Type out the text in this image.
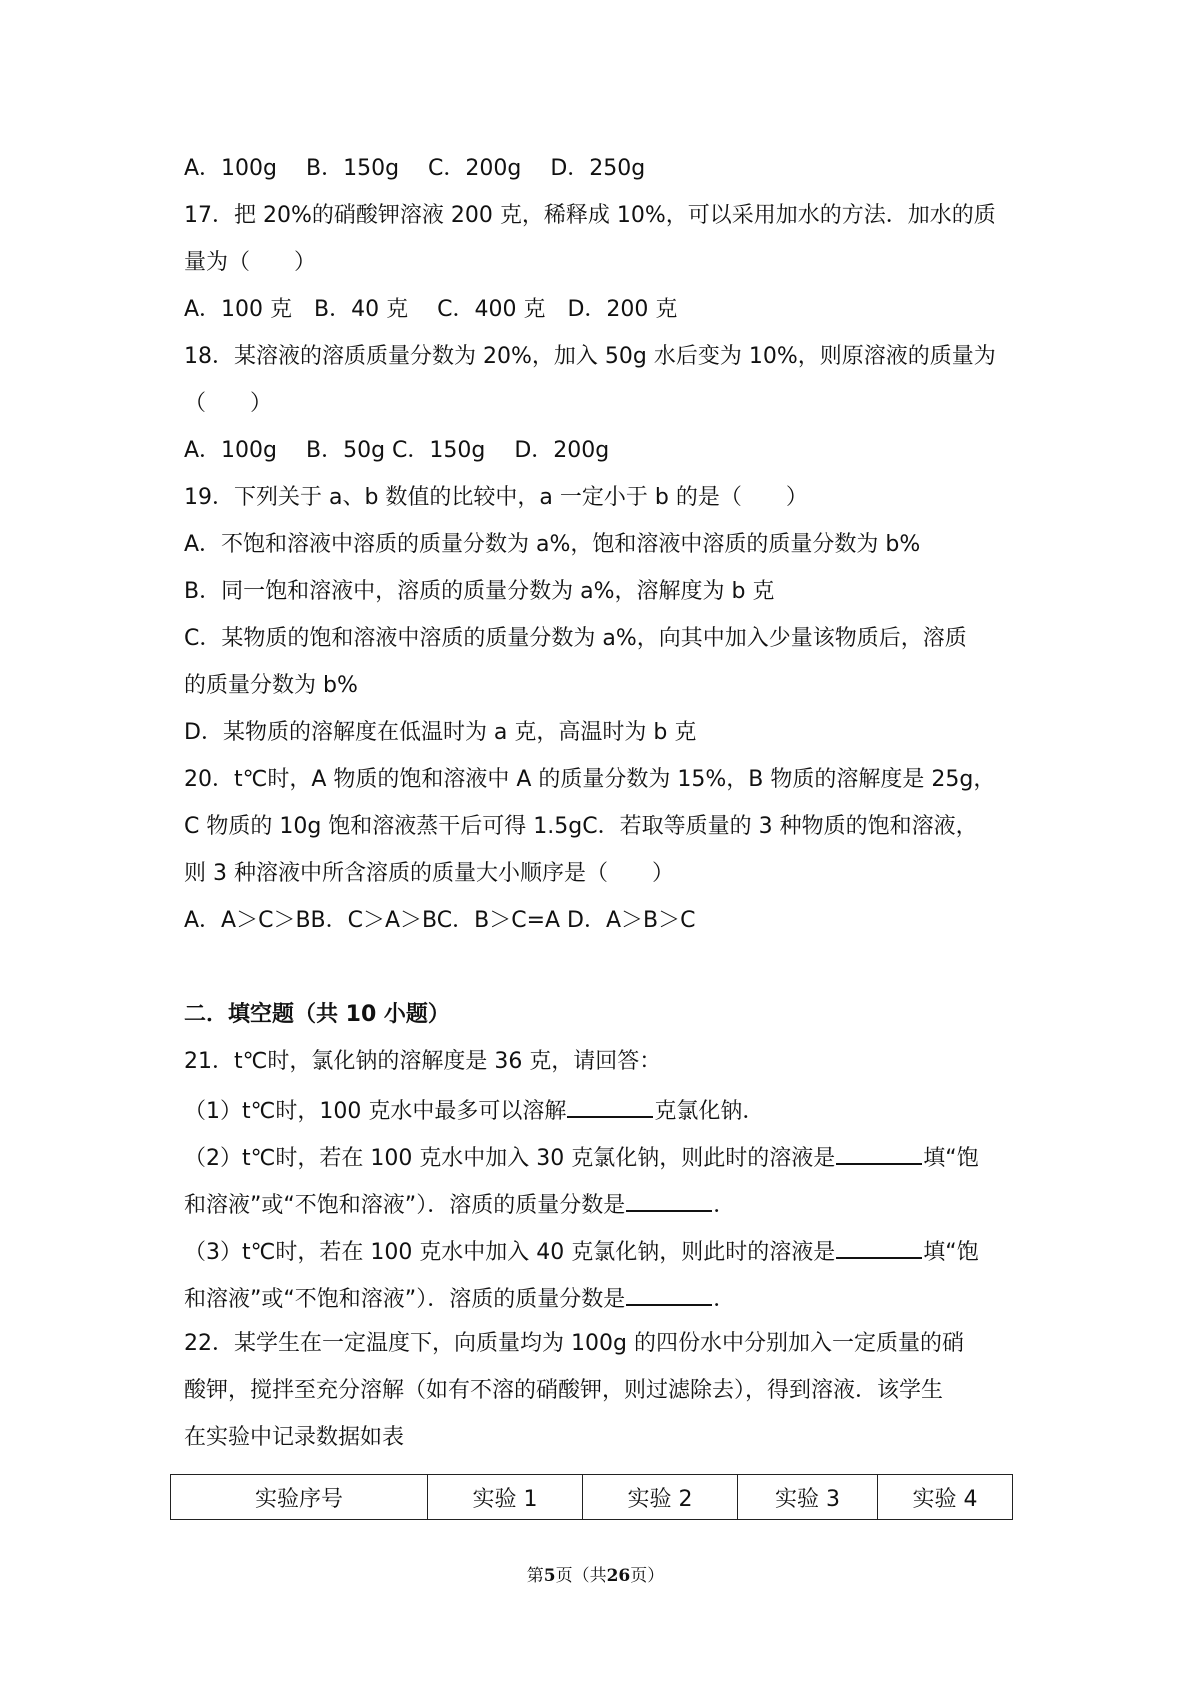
A．100g　 B．150g　 C．200g　 D．250g
17．把 20%的硝酸钾溶液 200 克，稀释成 10%，可以采用加水的方法．加水的质
量为（　　）
A．100 克　B．40 克　 C．400 克　D．200 克
18．某溶液的溶质质量分数为 20%，加入 50g 水后变为 10%，则原溶液的质量为
（　　）
A．100g　 B．50g C．150g　 D．200g
19．下列关于 a、b 数值的比较中，a 一定小于 b 的是（　　）
A．不饱和溶液中溶质的质量分数为 a%，饱和溶液中溶质的质量分数为 b%
B．同一饱和溶液中，溶质的质量分数为 a%，溶解度为 b 克
C．某物质的饱和溶液中溶质的质量分数为 a%，向其中加入少量该物质后，溶质
的质量分数为 b%
D．某物质的溶解度在低温时为 a 克，高温时为 b 克
20．t℃时，A 物质的饱和溶液中 A 的质量分数为 15%，B 物质的溶解度是 25g，
C 物质的 10g 饱和溶液蒸干后可得 1.5gC．若取等质量的 3 种物质的饱和溶液，
则 3 种溶液中所含溶质的质量大小顺序是（　　）
A．A＞C＞BB．C＞A＞BC．B＞C=A D．A＞B＞C
二．填空题（共 10 小题）
21．t℃时，氯化钠的溶解度是 36 克，请回答：
（1）t℃时，100 克水中最多可以溶解	克氯化钠．
（2）t℃时，若在 100 克水中加入 30 克氯化钠，则此时的溶液是	填“饱
和溶液”或“不饱和溶液”）．溶质的质量分数是	．
（3）t℃时，若在 100 克水中加入 40 克氯化钠，则此时的溶液是	填“饱
和溶液”或“不饱和溶液”）．溶质的质量分数是	．
22．某学生在一定温度下，向质量均为 100g 的四份水中分别加入一定质量的硝
酸钾，搅拌至充分溶解（如有不溶的硝酸钾，则过滤除去），得到溶液．该学生
在实验中记录数据如表
实验序号	实验 1	实验 2	实验 3	实验 4
第5页（共26页）
